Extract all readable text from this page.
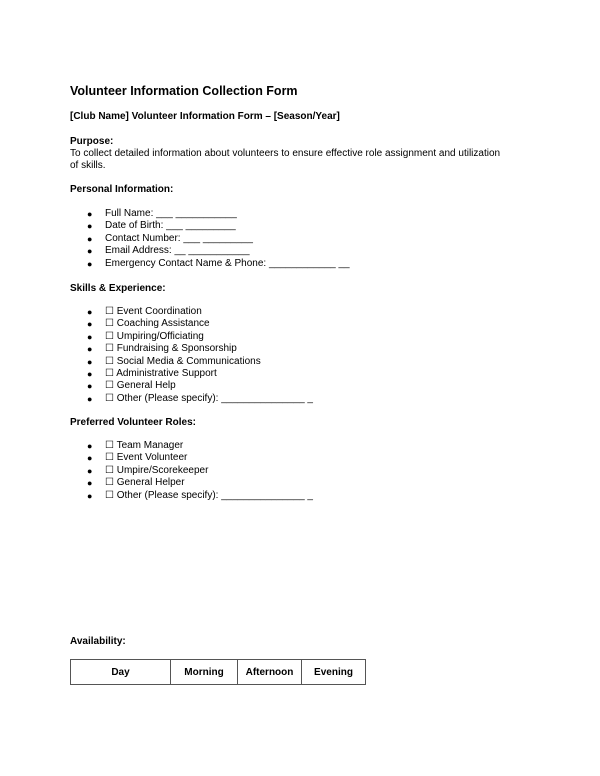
Volunteer Information Collection Form
[Club Name] Volunteer Information Form – [Season/Year]
Purpose:
To collect detailed information about volunteers to ensure effective role assignment and utilization of skills.
Personal Information:
● Full Name: ___ ___________
● Date of Birth: ___ _________
● Contact Number: ___ _________
● Email Address: __ ___________
● Emergency Contact Name & Phone: ____________ __
Skills & Experience:
● ☐ Event Coordination
● ☐ Coaching Assistance
● ☐ Umpiring/Officiating
● ☐ Fundraising & Sponsorship
● ☐ Social Media & Communications
● ☐ Administrative Support
● ☐ General Help
● ☐ Other (Please specify): _______________ _
Preferred Volunteer Roles:
● ☐ Team Manager
● ☐ Event Volunteer
● ☐ Umpire/Scorekeeper
● ☐ General Helper
● ☐ Other (Please specify): _______________ _
Availability:
Day	Morning	Afternoon	Evening
